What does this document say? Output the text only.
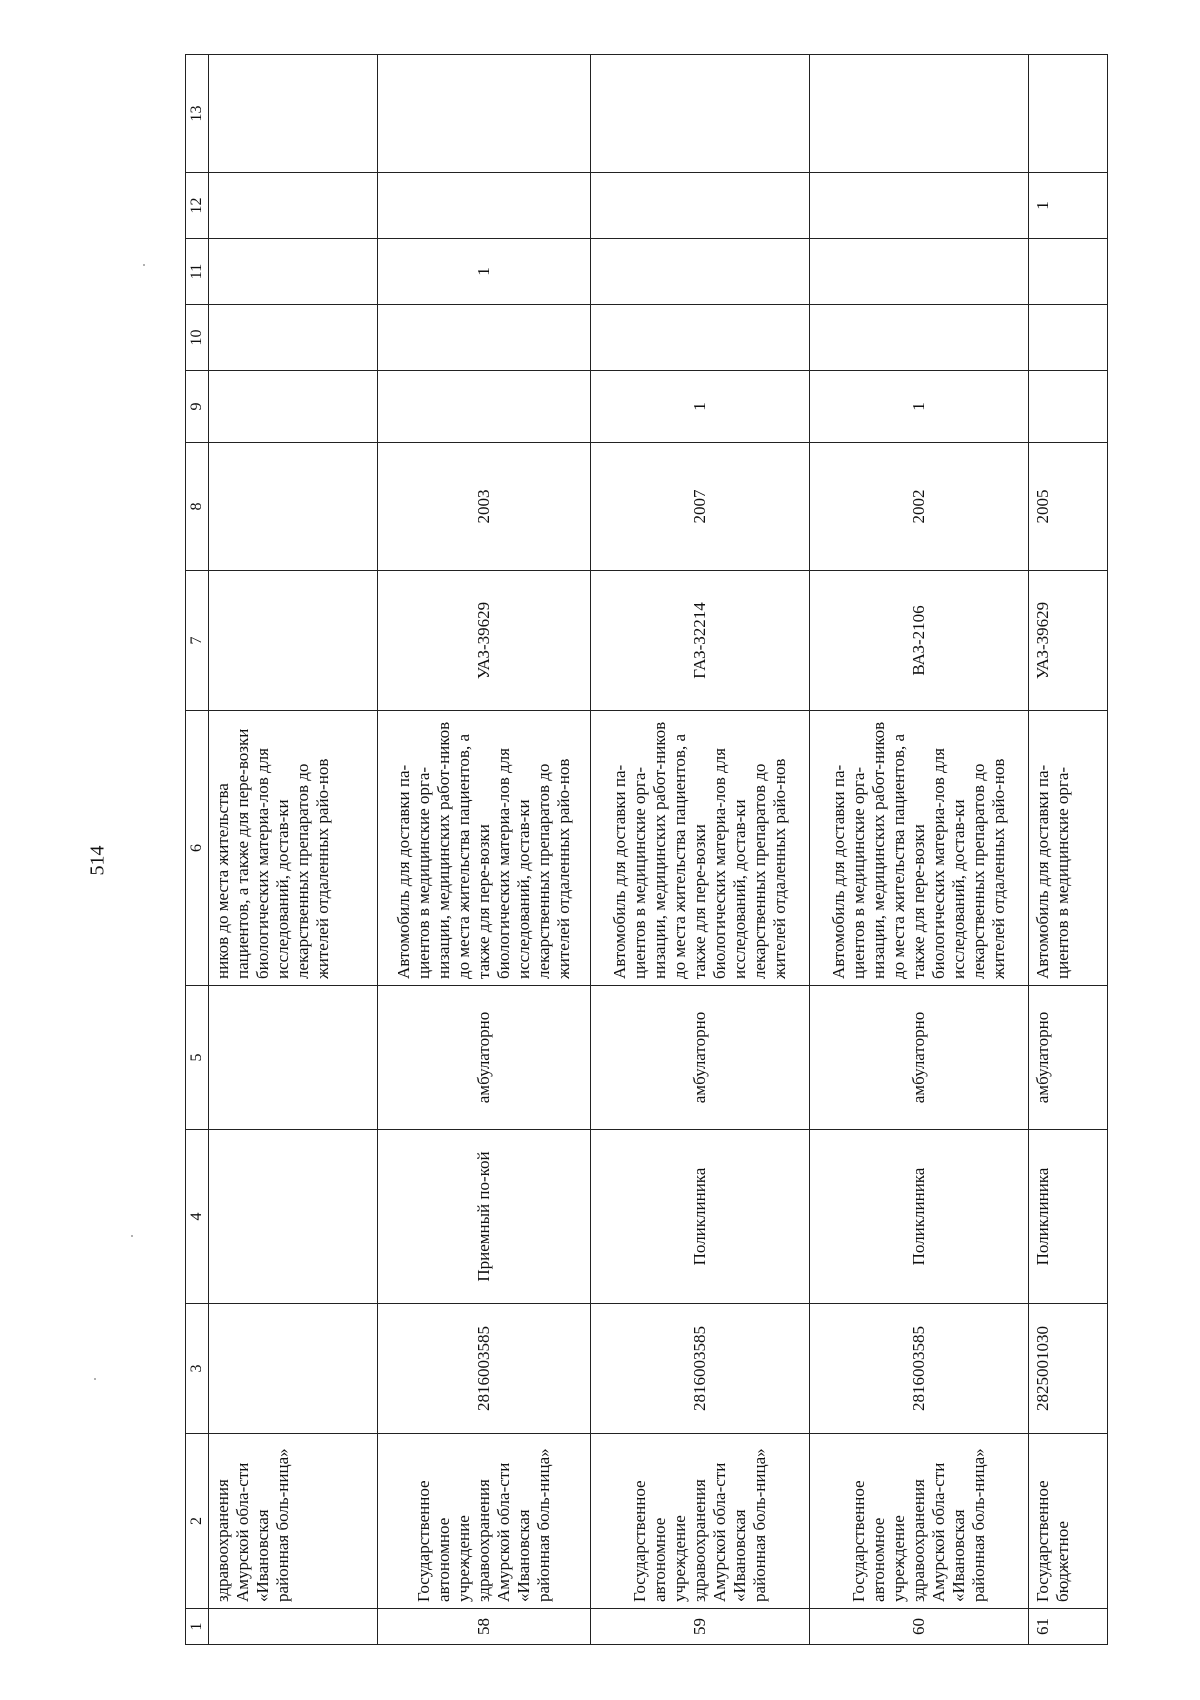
514
1	2	3	4	5	6	7	8	9	10	11	12	13
	здравоохранения Амурской обла-сти «Ивановская районная боль-ница»				ников до места жительства пациентов, а также для пере-возки биологических материа-лов для исследований, достав-ки лекарственных препаратов до жителей отдаленных райо-нов							
58	Государственное автономное учреждение здравоохранения Амурской обла-сти «Ивановская районная боль-ница»	2816003585	Приемный по-кой	амбулаторно	Автомобиль для доставки па-циентов в медицинские орга-низации, медицинских работ-ников до места жительства пациентов, а также для пере-возки биологических материа-лов для исследований, достав-ки лекарственных препаратов до жителей отдаленных райо-нов	УАЗ-39629	2003			1		
59	Государственное автономное учреждение здравоохранения Амурской обла-сти «Ивановская районная боль-ница»	2816003585	Поликлиника	амбулаторно	Автомобиль для доставки па-циентов в медицинские орга-низации, медицинских работ-ников до места жительства пациентов, а также для пере-возки биологических материа-лов для исследований, достав-ки лекарственных препаратов до жителей отдаленных райо-нов	ГАЗ-32214	2007	1				
60	Государственное автономное учреждение здравоохранения Амурской обла-сти «Ивановская районная боль-ница»	2816003585	Поликлиника	амбулаторно	Автомобиль для доставки па-циентов в медицинские орга-низации, медицинских работ-ников до места жительства пациентов, а также для пере-возки биологических материа-лов для исследований, достав-ки лекарственных препаратов до жителей отдаленных райо-нов	ВАЗ-2106	2002	1				
61	Государственное бюджетное	2825001030	Поликлиника	амбулаторно	Автомобиль для доставки па-циентов в медицинские орга-	УАЗ-39629	2005				1	
